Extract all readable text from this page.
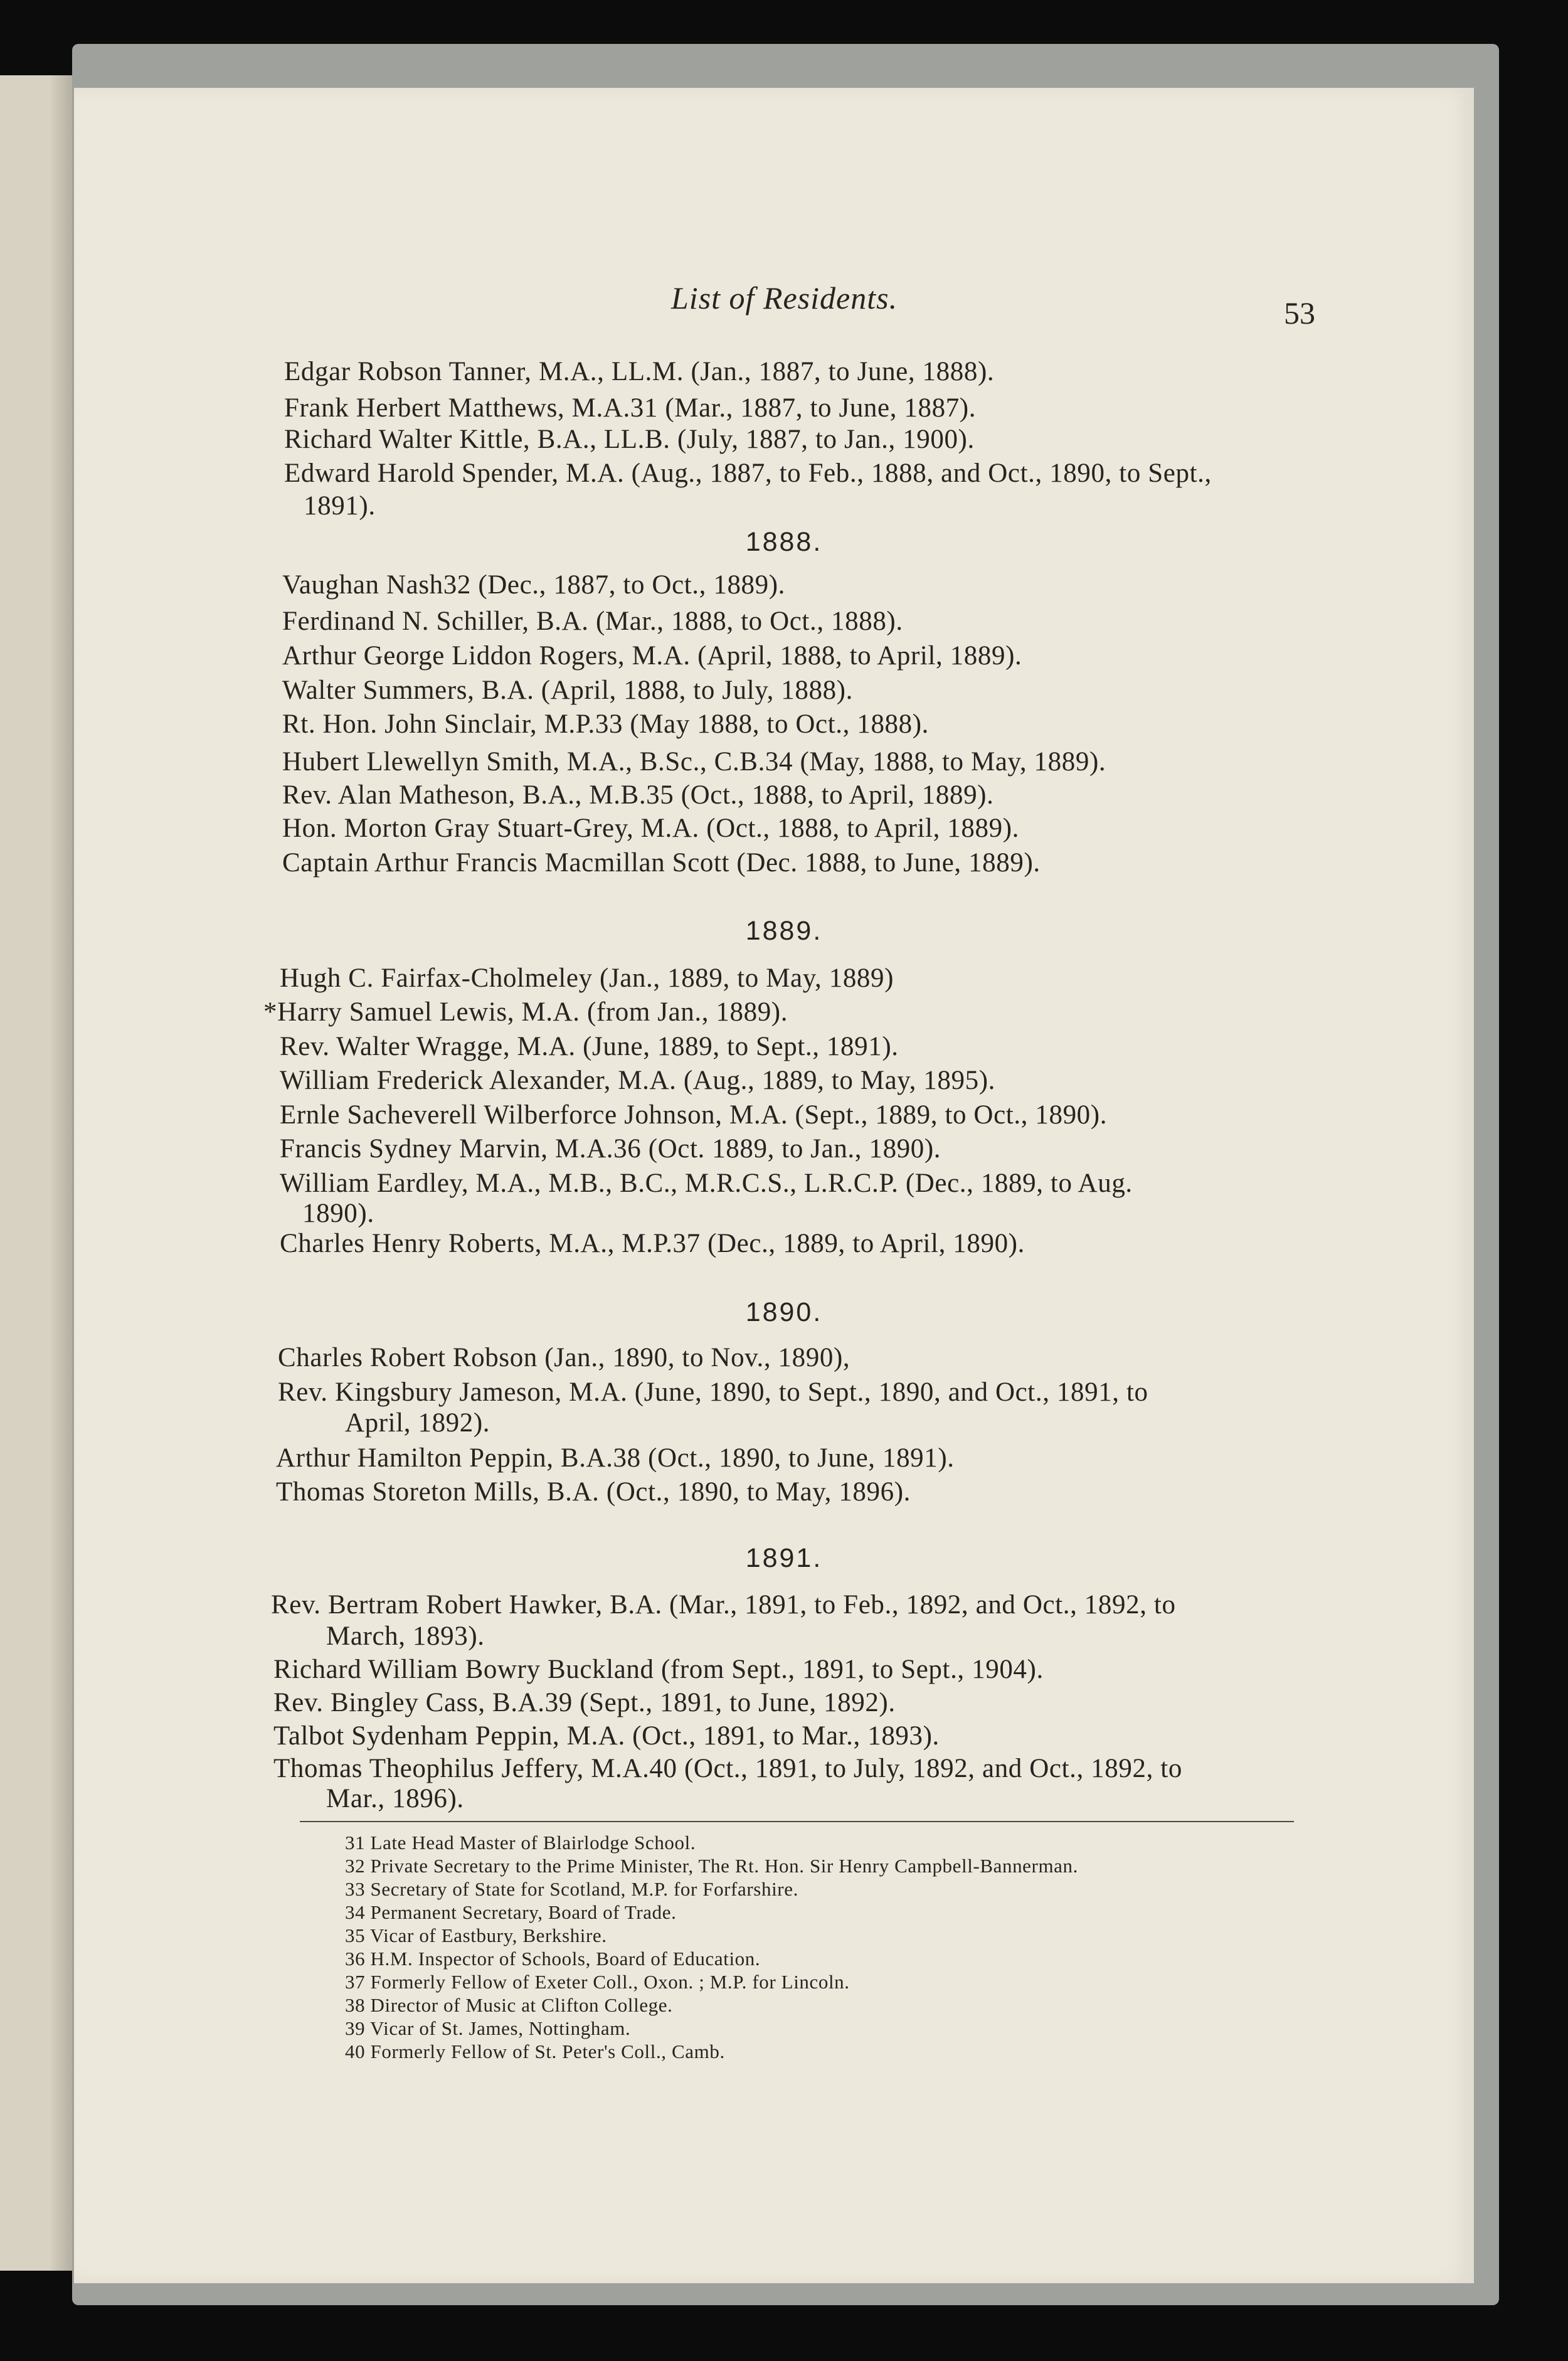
List of Residents.	53
Edgar Robson Tanner, M.A., LL.M. (Jan., 1887, to June, 1888).
Frank Herbert Matthews, M.A.31 (Mar., 1887, to June, 1887).
Richard Walter Kittle, B.A., LL.B. (July, 1887, to Jan., 1900).
Edward Harold Spender, M.A. (Aug., 1887, to Feb., 1888, and Oct., 1890, to Sept.,
1891).
1888.
Vaughan Nash32 (Dec., 1887, to Oct., 1889).
Ferdinand N. Schiller, B.A. (Mar., 1888, to Oct., 1888).
Arthur George Liddon Rogers, M.A. (April, 1888, to April, 1889).
Walter Summers, B.A. (April, 1888, to July, 1888).
Rt. Hon. John Sinclair, M.P.33 (May 1888, to Oct., 1888).
Hubert Llewellyn Smith, M.A., B.Sc., C.B.34 (May, 1888, to May, 1889).
Rev. Alan Matheson, B.A., M.B.35 (Oct., 1888, to April, 1889).
Hon. Morton Gray Stuart-Grey, M.A. (Oct., 1888, to April, 1889).
Captain Arthur Francis Macmillan Scott (Dec. 1888, to June, 1889).
1889.
Hugh C. Fairfax-Cholmeley (Jan., 1889, to May, 1889)
*Harry Samuel Lewis, M.A. (from Jan., 1889).
Rev. Walter Wragge, M.A. (June, 1889, to Sept., 1891).
William Frederick Alexander, M.A. (Aug., 1889, to May, 1895).
Ernle Sacheverell Wilberforce Johnson, M.A. (Sept., 1889, to Oct., 1890).
Francis Sydney Marvin, M.A.36 (Oct. 1889, to Jan., 1890).
William Eardley, M.A., M.B., B.C., M.R.C.S., L.R.C.P. (Dec., 1889, to Aug.
1890).
Charles Henry Roberts, M.A., M.P.37 (Dec., 1889, to April, 1890).
1890.
Charles Robert Robson (Jan., 1890, to Nov., 1890),
Rev. Kingsbury Jameson, M.A. (June, 1890, to Sept., 1890, and Oct., 1891, to
April, 1892).
Arthur Hamilton Peppin, B.A.38 (Oct., 1890, to June, 1891).
Thomas Storeton Mills, B.A. (Oct., 1890, to May, 1896).
1891.
Rev. Bertram Robert Hawker, B.A. (Mar., 1891, to Feb., 1892, and Oct., 1892, to
March, 1893).
Richard William Bowry Buckland (from Sept., 1891, to Sept., 1904).
Rev. Bingley Cass, B.A.39 (Sept., 1891, to June, 1892).
Talbot Sydenham Peppin, M.A. (Oct., 1891, to Mar., 1893).
Thomas Theophilus Jeffery, M.A.40 (Oct., 1891, to July, 1892, and Oct., 1892, to
Mar., 1896).
31 Late Head Master of Blairlodge School.
32 Private Secretary to the Prime Minister, The Rt. Hon. Sir Henry Campbell-Bannerman.
33 Secretary of State for Scotland, M.P. for Forfarshire.
34 Permanent Secretary, Board of Trade.
35 Vicar of Eastbury, Berkshire.
36 H.M. Inspector of Schools, Board of Education.
37 Formerly Fellow of Exeter Coll., Oxon. ; M.P. for Lincoln.
38 Director of Music at Clifton College.
39 Vicar of St. James, Nottingham.
40 Formerly Fellow of St. Peter's Coll., Camb.
